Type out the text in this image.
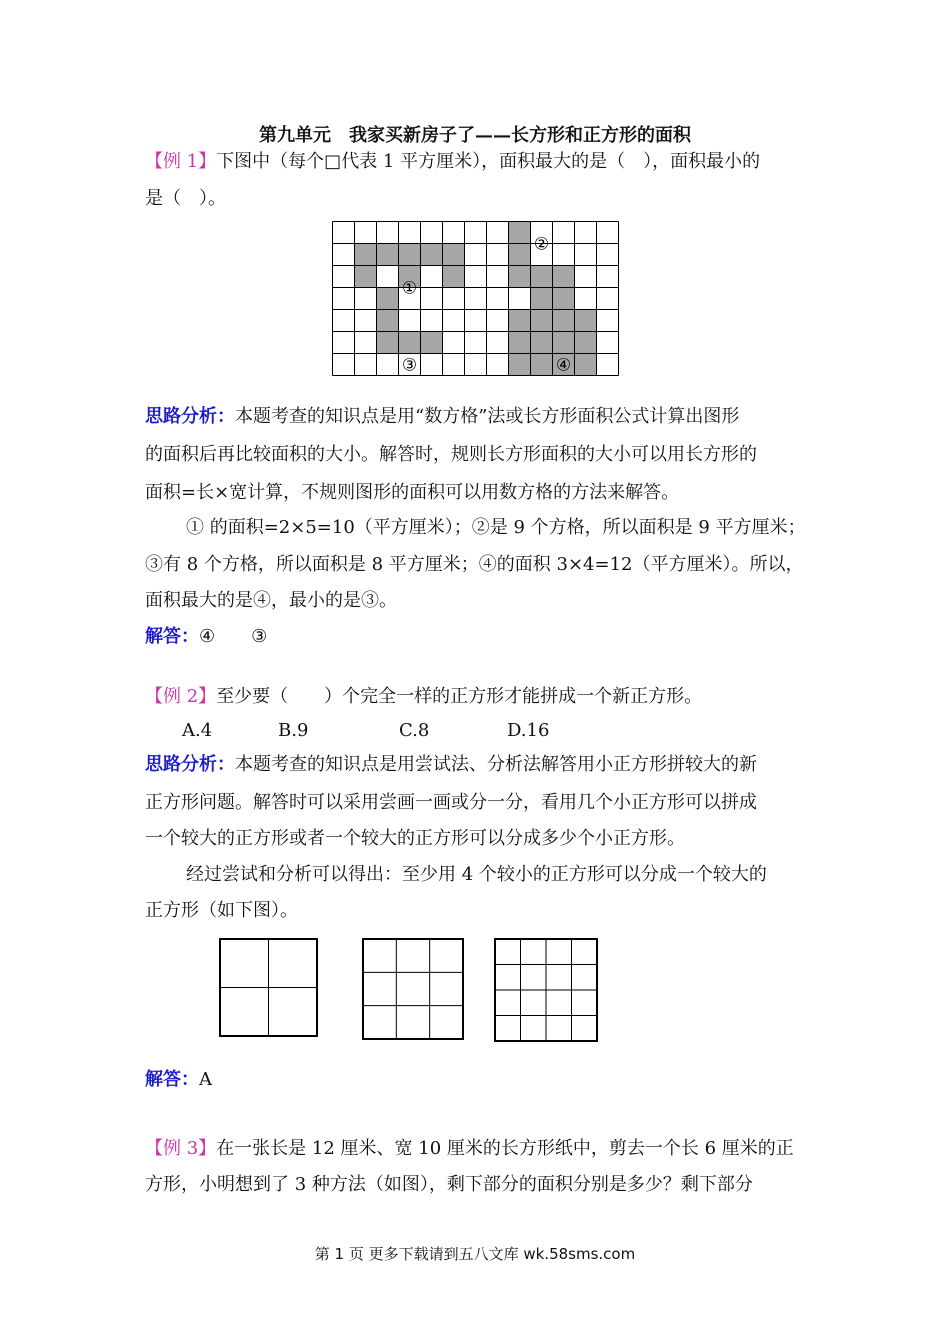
第九单元　我家买新房子了——长方形和正方形的面积
【例 1】下图中（每个□代表 1 平方厘米），面积最大的是（　），面积最小的
是（　）。
①
②
③	④
思路分析：本题考查的知识点是用“数方格”法或长方形面积公式计算出图形
的面积后再比较面积的大小。解答时，规则长方形面积的大小可以用长方形的
面积=长×宽计算，不规则图形的面积可以用数方格的方法来解答。
① 的面积=2×5=10（平方厘米）；②是 9 个方格，所以面积是 9 平方厘米；
③有 8 个方格，所以面积是 8 平方厘米；④的面积 3×4=12（平方厘米）。所以，
面积最大的是④，最小的是③。
解答：④　　③
【例 2】至少要（　　）个完全一样的正方形才能拼成一个新正方形。
A.4	B.9	C.8	D.16
思路分析：本题考查的知识点是用尝试法、分析法解答用小正方形拼较大的新
正方形问题。解答时可以采用尝画一画或分一分，看用几个小正方形可以拼成
一个较大的正方形或者一个较大的正方形可以分成多少个小正方形。
经过尝试和分析可以得出：至少用 4 个较小的正方形可以分成一个较大的
正方形（如下图）。
解答：A
【例 3】在一张长是 12 厘米、宽 10 厘米的长方形纸中，剪去一个长 6 厘米的正
方形，小明想到了 3 种方法（如图），剩下部分的面积分别是多少？剩下部分
第 1 页 更多下载请到五八文库 wk.58sms.com
